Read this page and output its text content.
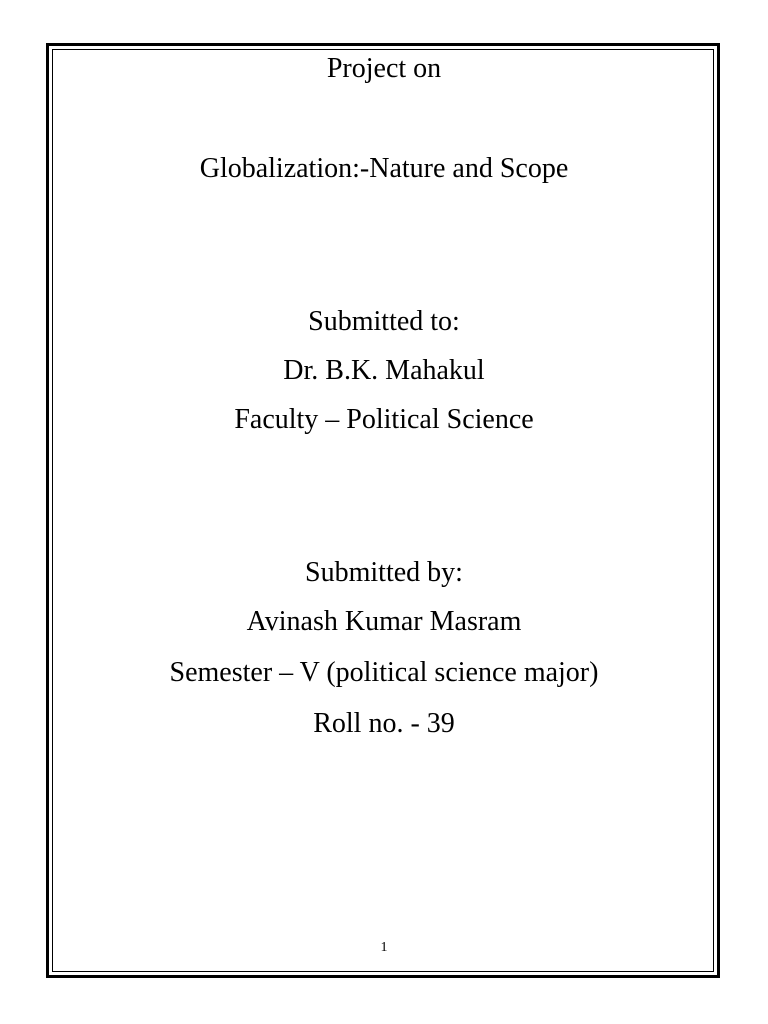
Project on
Globalization:-Nature and Scope
Submitted to:
Dr. B.K. Mahakul
Faculty – Political Science
Submitted by:
Avinash Kumar Masram
Semester – V (political science major)
Roll no. - 39
1
